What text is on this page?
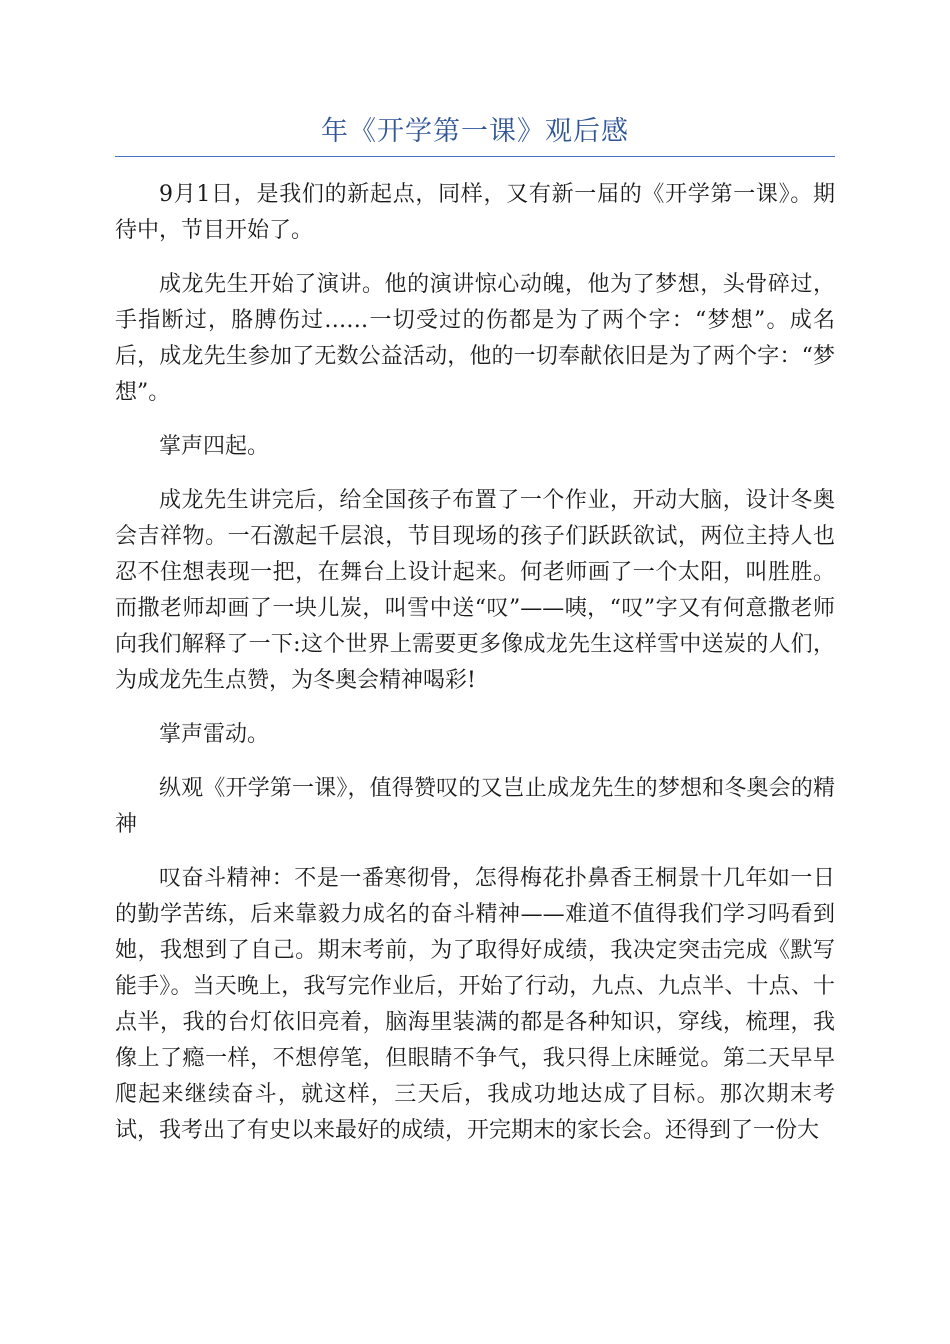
年《开学第一课》观后感

9月1日，是我们的新起点，同样，又有新一届的《开学第一课》。期待中，节目开始了。

成龙先生开始了演讲。他的演讲惊心动魄，他为了梦想，头骨碎过，手指断过，胳膊伤过……一切受过的伤都是为了两个字：“梦想”。成名后，成龙先生参加了无数公益活动，他的一切奉献依旧是为了两个字：“梦想”。

掌声四起。

成龙先生讲完后，给全国孩子布置了一个作业，开动大脑，设计冬奥会吉祥物。一石激起千层浪，节目现场的孩子们跃跃欲试，两位主持人也忍不住想表现一把，在舞台上设计起来。何老师画了一个太阳，叫胜胜。而撒老师却画了一块儿炭，叫雪中送“叹”——咦，“叹”字又有何意撒老师向我们解释了一下:这个世界上需要更多像成龙先生这样雪中送炭的人们，为成龙先生点赞，为冬奥会精神喝彩!

掌声雷动。

纵观《开学第一课》，值得赞叹的又岂止成龙先生的梦想和冬奥会的精神

叹奋斗精神：不是一番寒彻骨，怎得梅花扑鼻香王桐景十几年如一日的勤学苦练，后来靠毅力成名的奋斗精神——难道不值得我们学习吗看到她，我想到了自己。期末考前，为了取得好成绩，我决定突击完成《默写能手》。当天晚上，我写完作业后，开始了行动，九点、九点半、十点、十点半，我的台灯依旧亮着，脑海里装满的都是各种知识，穿线，梳理，我像上了瘾一样，不想停笔，但眼睛不争气，我只得上床睡觉。第二天早早爬起来继续奋斗，就这样，三天后，我成功地达成了目标。那次期末考试，我考出了有史以来最好的成绩，开完期末的家长会。还得到了一份大
